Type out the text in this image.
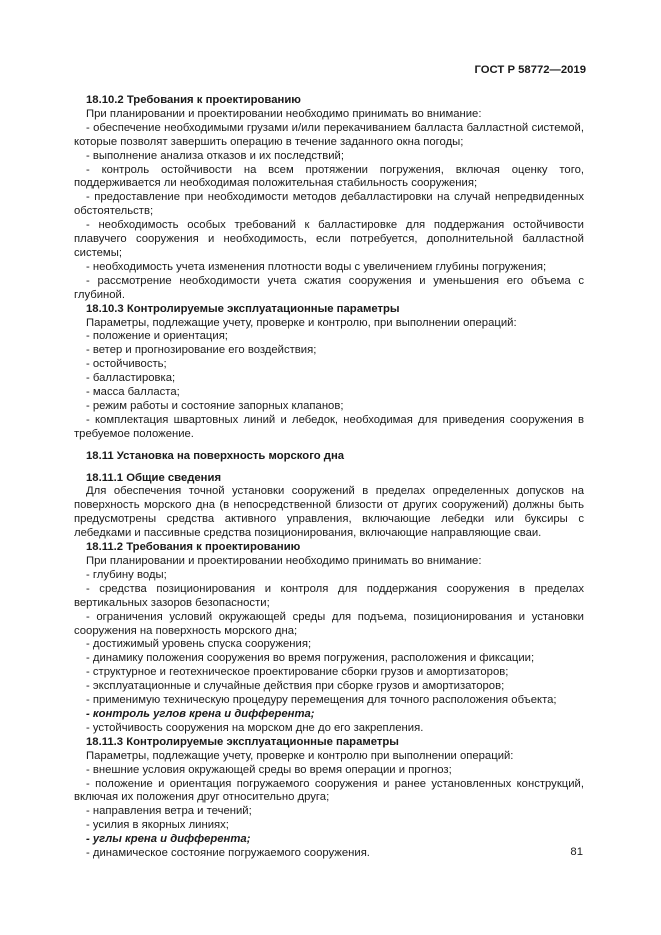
ГОСТ Р 58772—2019

18.10.2 Требования к проектированию

При планировании и проектировании необходимо принимать во внимание:

- обеспечение необходимыми грузами и/или перекачиванием балласта балластной системой, которые позволят завершить операцию в течение заданного окна погоды;

- выполнение анализа отказов и их последствий;

- контроль остойчивости на всем протяжении погружения, включая оценку того, поддерживается ли необходимая положительная стабильность сооружения;

- предоставление при необходимости методов дебалластировки на случай непредвиденных обстоятельств;

- необходимость особых требований к балластировке для поддержания остойчивости плавучего сооружения и необходимость, если потребуется, дополнительной балластной системы;

- необходимость учета изменения плотности воды с увеличением глубины погружения;

- рассмотрение необходимости учета сжатия сооружения и уменьшения его объема с глубиной.

18.10.3 Контролируемые эксплуатационные параметры

Параметры, подлежащие учету, проверке и контролю, при выполнении операций:

- положение и ориентация;

- ветер и прогнозирование его воздействия;

- остойчивость;

- балластировка;

- масса балласта;

- режим работы и состояние запорных клапанов;

- комплектация швартовных линий и лебедок, необходимая для приведения сооружения в требуемое положение.

18.11 Установка на поверхность морского дна

18.11.1 Общие сведения

Для обеспечения точной установки сооружений в пределах определенных допусков на поверхность морского дна (в непосредственной близости от других сооружений) должны быть предусмотрены средства активного управления, включающие лебедки или буксиры с лебедками и пассивные средства позиционирования, включающие направляющие сваи.

18.11.2 Требования к проектированию

При планировании и проектировании необходимо принимать во внимание:

- глубину воды;

- средства позиционирования и контроля для поддержания сооружения в пределах вертикальных зазоров безопасности;

- ограничения условий окружающей среды для подъема, позиционирования и установки сооружения на поверхность морского дна;

- достижимый уровень спуска сооружения;

- динамику положения сооружения во время погружения, расположения и фиксации;

- структурное и геотехническое проектирование сборки грузов и амортизаторов;

- эксплуатационные и случайные действия при сборке грузов и амортизаторов;

- применимую техническую процедуру перемещения для точного расположения объекта;

- контроль углов крена и дифферента;

- устойчивость сооружения на морском дне до его закрепления.

18.11.3 Контролируемые эксплуатационные параметры

Параметры, подлежащие учету, проверке и контролю при выполнении операций:

- внешние условия окружающей среды во время операции и прогноз;

- положение и ориентация погружаемого сооружения и ранее установленных конструкций, включая их положения друг относительно друга;

- направления ветра и течений;

- усилия в якорных линиях;

- углы крена и дифферента;

- динамическое состояние погружаемого сооружения.	81
